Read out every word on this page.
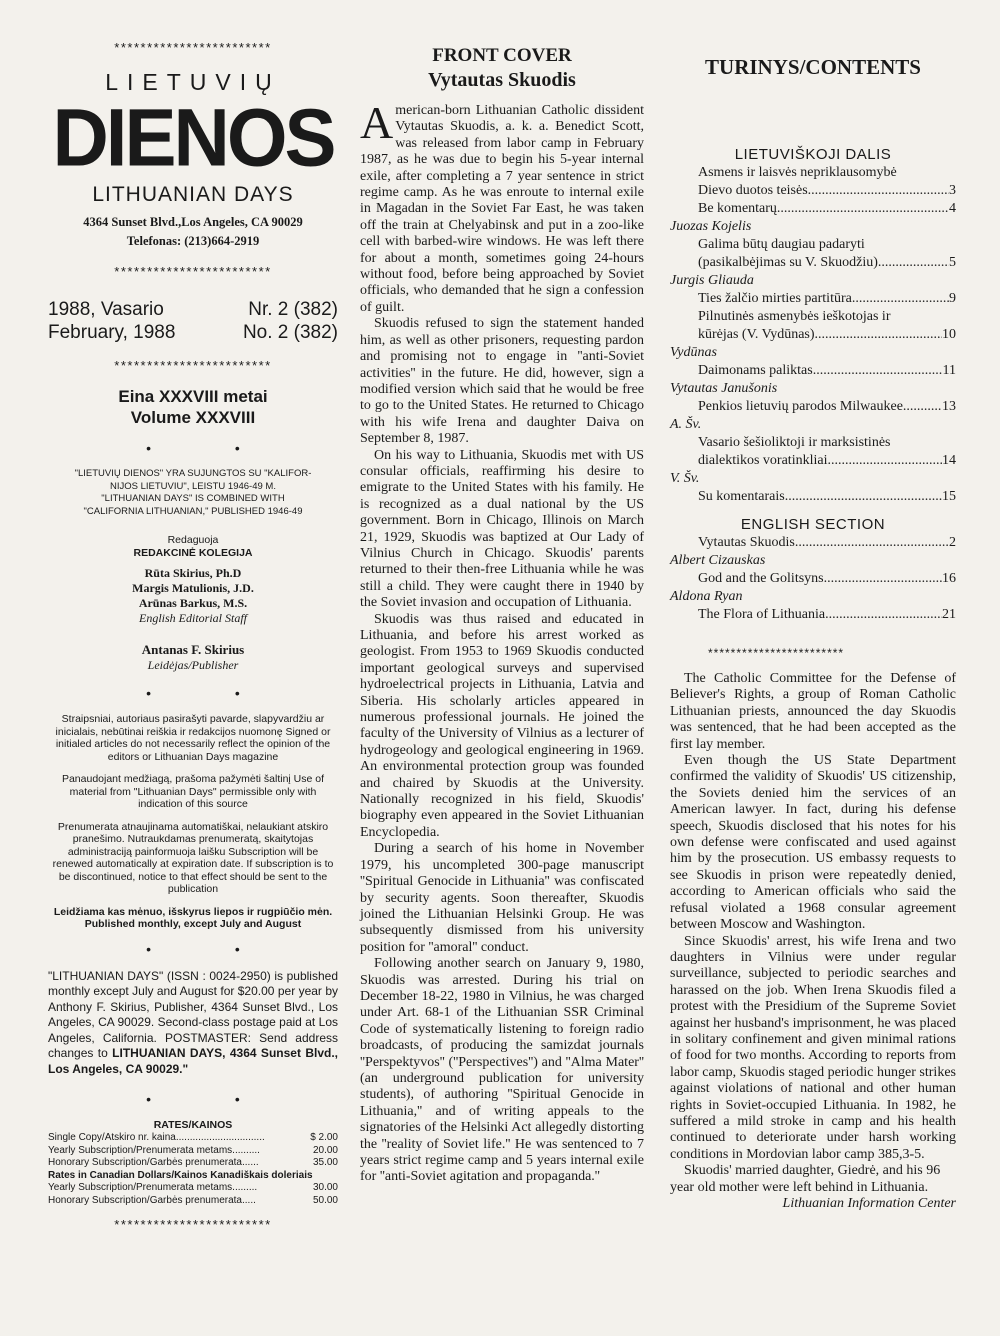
************************
LIETUVIŲ
DIENOS
LITHUANIAN DAYS
4364 Sunset Blvd.,Los Angeles, CA 90029
Telefonas: (213)664-2919
************************
1988, Vasario	Nr. 2 (382)
February, 1988	No. 2 (382)
************************
Eina XXXVIII metai
Volume XXXVIII
• •
"LIETUVIŲ DIENOS" YRA SUJUNGTOS SU "KALIFOR-
NIJOS LIETUVIU", LEISTU 1946-49 M.
"LITHUANIAN DAYS" IS COMBINED WITH
"CALIFORNIA LITHUANIAN," PUBLISHED 1946-49
Redaguoja
REDAKCINĖ KOLEGIJA
Rūta Skirius, Ph.D
Margis Matulionis, J.D.
Arūnas Barkus, M.S.
English Editorial Staff
Antanas F. Skirius
Leidėjas/Publisher
• •
Straipsniai, autoriaus pasirašyti pavarde, slapyvardžiu ar inicialais, nebūtinai reiškia ir redakcijos nuomonę Signed or initialed articles do not necessarily reflect the opinion of the editors or Lithuanian Days magazine
Panaudojant medžiagą, prašoma pažymėti šaltinį Use of material from "Lithuanian Days" permissible only with indication of this source
Prenumerata atnaujinama automatiškai, nelaukiant atskiro pranešimo. Nutraukdamas prenumeratą, skaitytojas administraciją painformuoja laišku Subscription will be renewed automatically at expiration date. If subscription is to be discontinued, notice to that effect should be sent to the publication
Leidžiama kas mėnuo, išskyrus liepos ir rugpiūčio mėn. Published monthly, except July and August
• •
"LITHUANIAN DAYS" (ISSN : 0024-2950) is published monthly except July and August for $20.00 per year by Anthony F. Skirius, Publisher, 4364 Sunset Blvd., Los Angeles, CA 90029. Second-class postage paid at Los Angeles, California. POSTMASTER: Send address changes to LITHUANIAN DAYS, 4364 Sunset Blvd., Los Angeles, CA 90029."
• •
RATES/KAINOS
Single Copy/Atskiro nr. kaina................................	$ 2.00
Yearly Subscription/Prenumerata metams..........	20.00
Honorary Subscription/Garbės prenumerata......	35.00
Rates in Canadian Dollars/Kainos Kanadiškais doleriais
Yearly Subscription/Prenumerata metams.........	30.00
Honorary Subscription/Garbės prenumerata.....	50.00
************************
FRONT COVER
Vytautas Skuodis

American-born Lithuanian Catholic dissident Vytautas Skuodis, a. k. a. Benedict Scott, was released from labor camp in February 1987, as he was due to begin his 5-year internal exile, after completing a 7 year sentence in strict regime camp. As he was enroute to internal exile in Magadan in the Soviet Far East, he was taken off the train at Chelyabinsk and put in a zoo-like cell with barbed-wire windows. He was left there for about a month, sometimes going 24-hours without food, before being approached by Soviet officials, who demanded that he sign a confession of guilt.

Skuodis refused to sign the statement handed him, as well as other prisoners, requesting pardon and promising not to engage in ''anti-Soviet activities'' in the future. He did, however, sign a modified version which said that he would be free to go to the United States. He returned to Chicago with his wife Irena and daughter Daiva on September 8, 1987.

On his way to Lithuania, Skuodis met with US consular officials, reaffirming his desire to emigrate to the United States with his family. He is recognized as a dual national by the US government. Born in Chicago, Illinois on March 21, 1929, Skuodis was baptized at Our Lady of Vilnius Church in Chicago. Skuodis' parents returned to their then-free Lithuania while he was still a child. They were caught there in 1940 by the Soviet invasion and occupation of Lithuania.

Skuodis was thus raised and educated in Lithuania, and before his arrest worked as geologist. From 1953 to 1969 Skuodis conducted important geological surveys and supervised hydroelectrical projects in Lithuania, Latvia and Siberia. His scholarly articles appeared in numerous professional journals. He joined the faculty of the University of Vilnius as a lecturer of hydrogeology and geological engineering in 1969. An environmental protection group was founded and chaired by Skuodis at the University. Nationally recognized in his field, Skuodis' biography even appeared in the Soviet Lithuanian Encyclopedia.

During a search of his home in November 1979, his uncompleted 300-page manuscript ''Spiritual Genocide in Lithuania'' was confiscated by security agents. Soon thereafter, Skuodis joined the Lithuanian Helsinki Group. He was subsequently dismissed from his university position for ''amoral'' conduct.

Following another search on January 9, 1980, Skuodis was arrested. During his trial on December 18-22, 1980 in Vilnius, he was charged under Art. 68-1 of the Lithuanian SSR Criminal Code of systematically listening to foreign radio broadcasts, of producing the samizdat journals ''Perspektyvos'' (''Perspectives'') and ''Alma Mater'' (an underground publication for university students), of authoring ''Spiritual Genocide in Lithuania,'' and of writing appeals to the signatories of the Helsinki Act allegedly distorting the ''reality of Soviet life.'' He was sentenced to 7 years strict regime camp and 5 years internal exile for ''anti-Soviet agitation and propaganda.''

TURINYS/CONTENTS
LIETUVIŠKOJI DALIS
Asmens ir laisvės nepriklausomybė
Dievo duotos teisės .....	3
Be komentarų .....	4
Juozas Kojelis
Galima būtų daugiau padaryti
(pasikalbėjimas su V. Skuodžiu) .....	5
Jurgis Gliauda
Ties žalčio mirties partitūra .....	9
Pilnutinės asmenybės ieškotojas ir
kūrėjas (V. Vydūnas) .....	10
Vydūnas
Daimonams paliktas .....	11
Vytautas Janušonis
Penkios lietuvių parodos Milwaukee .....	13
A. Šv.
Vasario šešioliktoji ir marksistinės
dialektikos voratinkliai .....	14
V. Šv.
Su komentarais .....	15
ENGLISH SECTION
Vytautas Skuodis .....	2
Albert Cizauskas
God and the Golitsyns .....	16
Aldona Ryan
The Flora of Lithuania .....	21
************************

The Catholic Committee for the Defense of Believer's Rights, a group of Roman Catholic Lithuanian priests, announced the day Skuodis was sentenced, that he had been accepted as the first lay member.

Even though the US State Department confirmed the validity of Skuodis' US citizenship, the Soviets denied him the services of an American lawyer. In fact, during his defense speech, Skuodis disclosed that his notes for his own defense were confiscated and used against him by the prosecution. US embassy requests to see Skuodis in prison were repeatedly denied, according to American officials who said the refusal violated a 1968 consular agreement between Moscow and Washington.

Since Skuodis' arrest, his wife Irena and two daughters in Vilnius were under regular surveillance, subjected to periodic searches and harassed on the job. When Irena Skuodis filed a protest with the Presidium of the Supreme Soviet against her husband's imprisonment, he was placed in solitary confinement and given minimal rations of food for two months. According to reports from labor camp, Skuodis staged periodic hunger strikes against violations of national and other human rights in Soviet-occupied Lithuania. In 1982, he suffered a mild stroke in camp and his health continued to deteriorate under harsh working conditions in Mordovian labor camp 385,3-5.

Skuodis' married daughter, Giedrė, and his 96 year old mother were left behind in Lithuania.
Lithuanian Information Center
